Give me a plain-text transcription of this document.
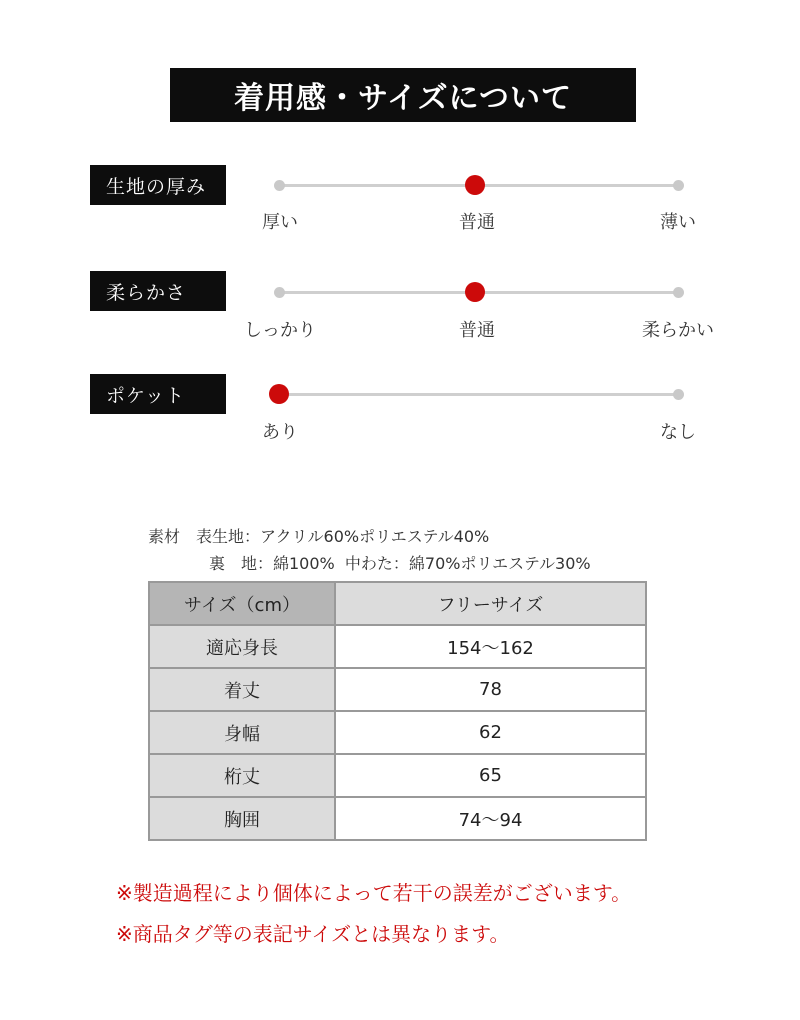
着用感・サイズについて
生地の厚み
厚い	普通	薄い
柔らかさ
しっかり	普通	柔らかい
ポケット
あり	なし
素材　表生地：アクリル60%ポリエステル40%
裏　地：綿100%  中わた：綿70%ポリエステル30%
サイズ（cm）	フリーサイズ
適応身長	154～162
着丈	78
身幅	62
桁丈	65
胸囲	74～94
※製造過程により個体によって若干の誤差がございます。
※商品タグ等の表記サイズとは異なります。
